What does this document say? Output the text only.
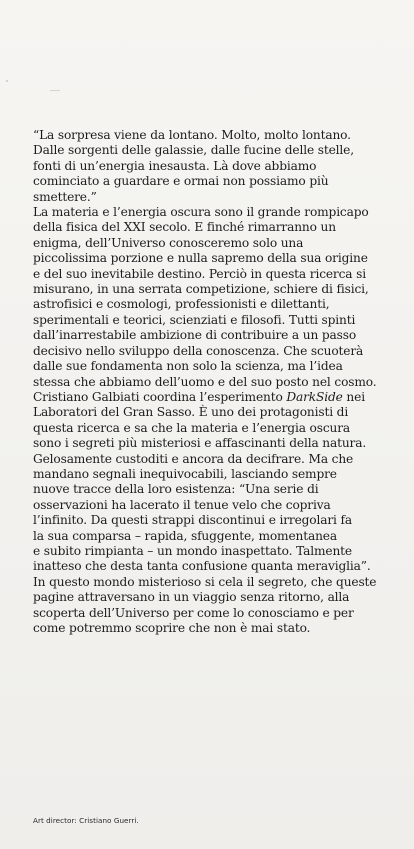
“La sorpresa viene da lontano. Molto, molto lontano.
Dalle sorgenti delle galassie, dalle fucine delle stelle,
fonti di un’energia inesausta. Là dove abbiamo
cominciato a guardare e ormai non possiamo più
smettere.”
La materia e l’energia oscura sono il grande rompicapo
della fisica del XXI secolo. E finché rimarranno un
enigma, dell’Universo conosceremo solo una
piccolissima porzione e nulla sapremo della sua origine
e del suo inevitabile destino. Perciò in questa ricerca si
misurano, in una serrata competizione, schiere di fisici,
astrofisici e cosmologi, professionisti e dilettanti,
sperimentali e teorici, scienziati e filosofi. Tutti spinti
dall’inarrestabile ambizione di contribuire a un passo
decisivo nello sviluppo della conoscenza. Che scuoterà
dalle sue fondamenta non solo la scienza, ma l’idea
stessa che abbiamo dell’uomo e del suo posto nel cosmo.
Cristiano Galbiati coordina l’esperimento DarkSide nei
Laboratori del Gran Sasso. È uno dei protagonisti di
questa ricerca e sa che la materia e l’energia oscura
sono i segreti più misteriosi e affascinanti della natura.
Gelosamente custoditi e ancora da decifrare. Ma che
mandano segnali inequivocabili, lasciando sempre
nuove tracce della loro esistenza: “Una serie di
osservazioni ha lacerato il tenue velo che copriva
l’infinito. Da questi strappi discontinui e irregolari fa
la sua comparsa – rapida, sfuggente, momentanea
e subito rimpianta – un mondo inaspettato. Talmente
inatteso che desta tanta confusione quanta meraviglia”.
In questo mondo misterioso si cela il segreto, che queste
pagine attraversano in un viaggio senza ritorno, alla
scoperta dell’Universo per come lo conosciamo e per
come potremmo scoprire che non è mai stato.
Art director: Cristiano Guerri.
